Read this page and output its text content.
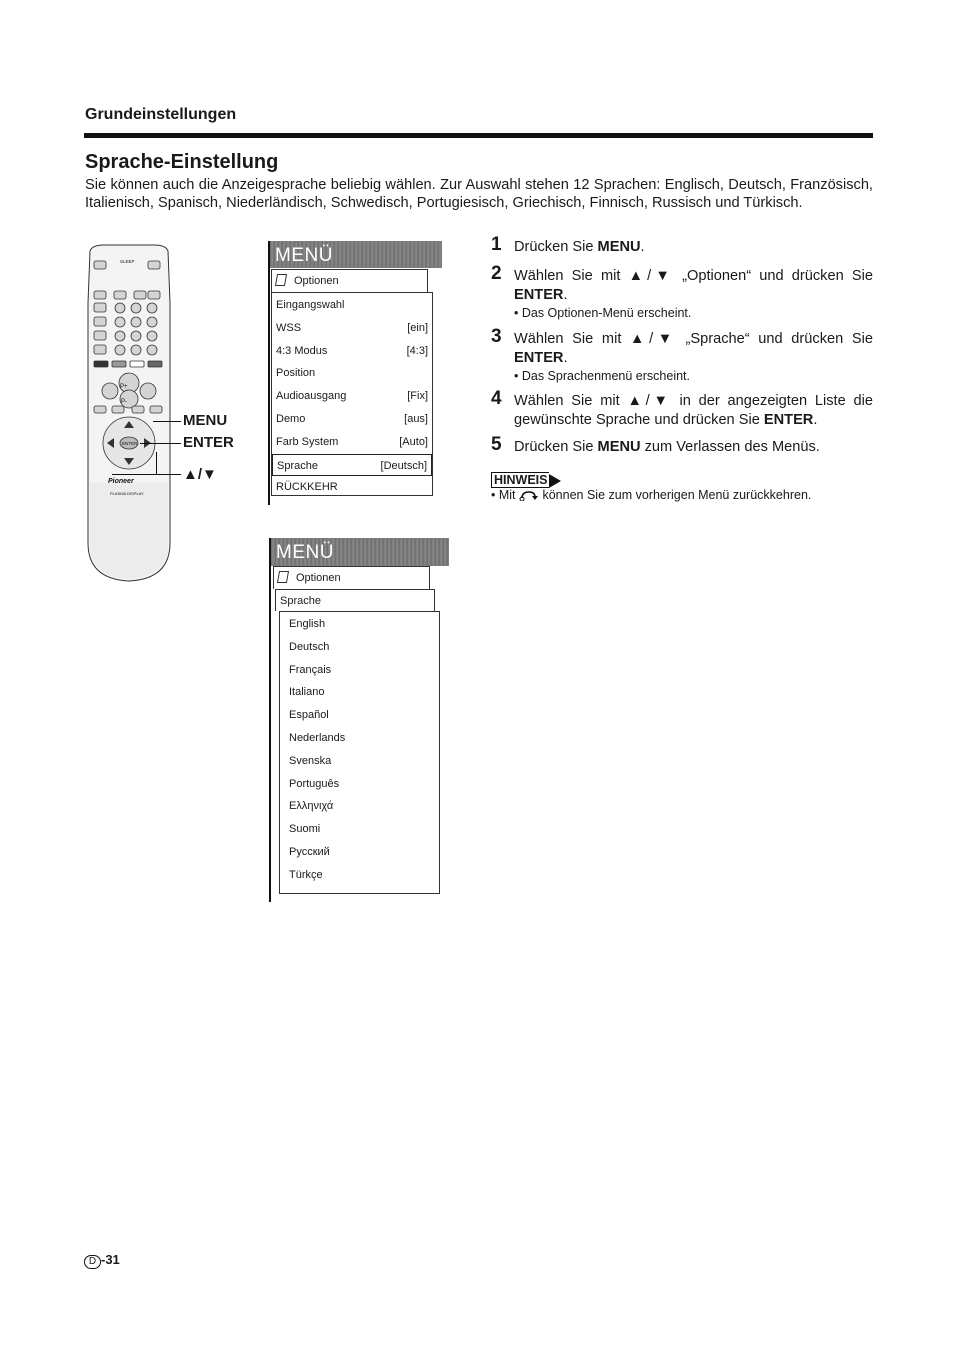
Grundeinstellungen
Sprache-Einstellung
Sie können auch die Anzeigesprache beliebig wählen. Zur Auswahl stehen 12 Sprachen: Englisch, Deutsch, Französisch, Italienisch, Spanisch, Niederländisch, Schwedisch, Portugiesisch, Griechisch, Finnisch, Russisch und Türkisch.
P+
P-
SLEEP
ENTER
Pioneer
PLASMA DISPLAY
MENU
ENTER
▲/▼
MENÜ
Optionen
Eingangswahl
WSS	[ein]
4:3 Modus	[4:3]
Position
Audioausgang	[Fix]
Demo	[aus]
Farb System	[Auto]
Sprache	[Deutsch]
RÜCKKEHR
MENÜ
Optionen
Sprache
English
Deutsch
Français
Italiano
Español
Nederlands
Svenska
Português
Ελληνιχά
Suomi
Русский
Türkçe
1 Drücken Sie MENU.
2 Wählen Sie mit ▲/▼ „Optionen“ und drücken Sie ENTER.
• Das Optionen-Menü erscheint.
3 Wählen Sie mit ▲/▼ „Sprache“ und drücken Sie ENTER.
• Das Sprachenmenü erscheint.
4 Wählen Sie mit ▲/▼ in der angezeigten Liste die gewünschte Sprache und drücken Sie ENTER.
5 Drücken Sie MENU zum Verlassen des Menüs.
HINWEIS
• Mit  können Sie zum vorherigen Menü zurückkehren.
D -31
